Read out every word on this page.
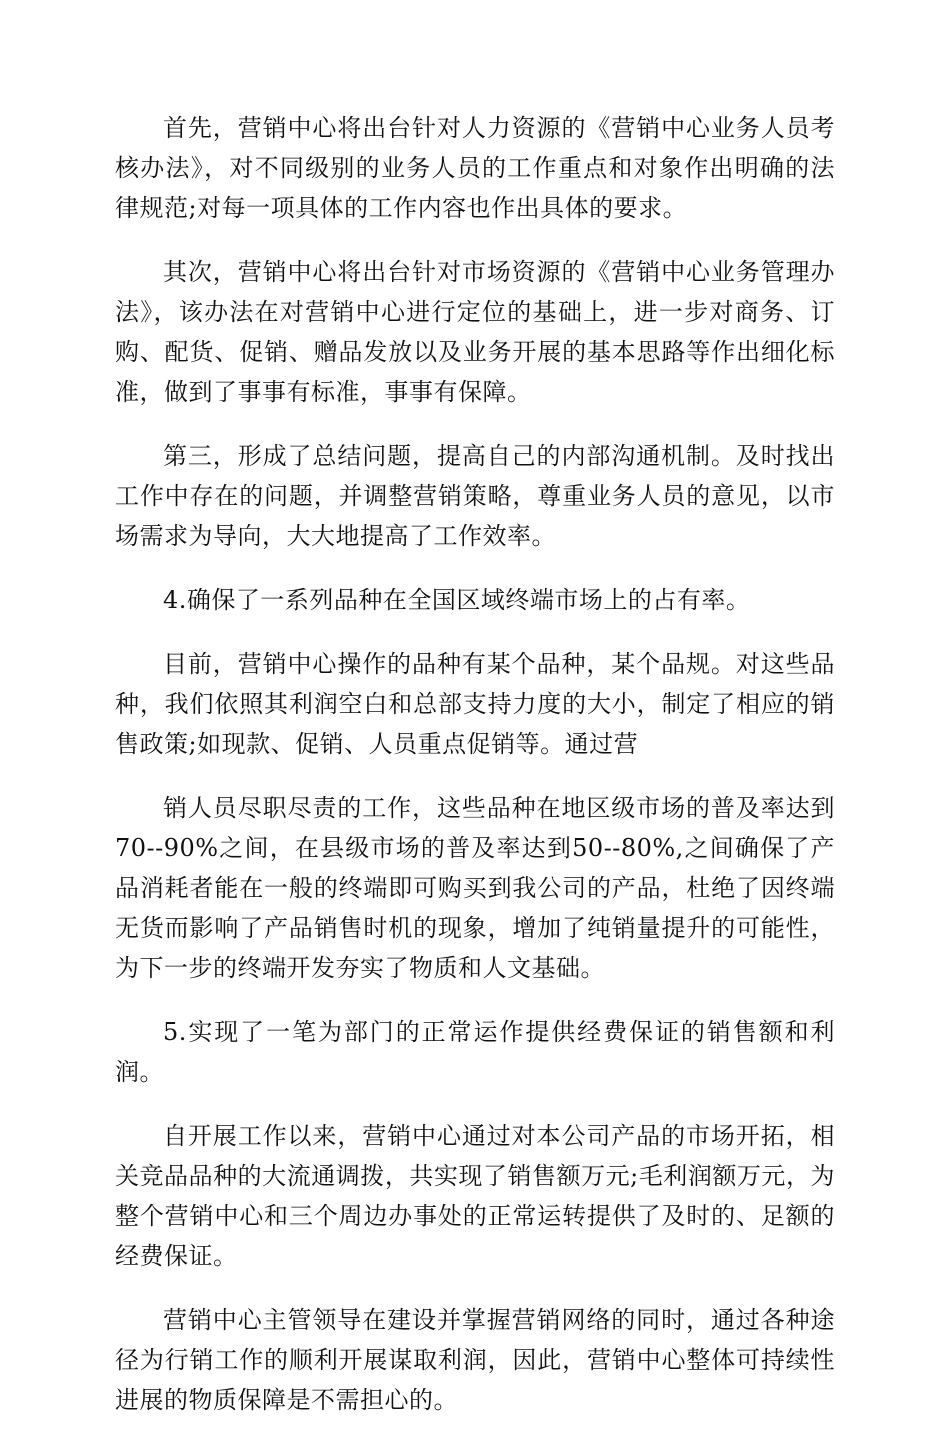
首先，营销中心将出台针对人力资源的《营销中心业务人员考核办法》，对不同级别的业务人员的工作重点和对象作出明确的法律规范;对每一项具体的工作内容也作出具体的要求。

其次，营销中心将出台针对市场资源的《营销中心业务管理办法》，该办法在对营销中心进行定位的基础上，进一步对商务、订购、配货、促销、赠品发放以及业务开展的基本思路等作出细化标准，做到了事事有标准，事事有保障。

第三，形成了总结问题，提高自己的内部沟通机制。及时找出工作中存在的问题，并调整营销策略，尊重业务人员的意见，以市场需求为导向，大大地提高了工作效率。

4.确保了一系列品种在全国区域终端市场上的占有率。

目前，营销中心操作的品种有某个品种，某个品规。对这些品种，我们依照其利润空白和总部支持力度的大小，制定了相应的销售政策;如现款、促销、人员重点促销等。通过营

销人员尽职尽责的工作，这些品种在地区级市场的普及率达到70--90%之间，在县级市场的普及率达到50--80%,之间确保了产品消耗者能在一般的终端即可购买到我公司的产品，杜绝了因终端无货而影响了产品销售时机的现象，增加了纯销量提升的可能性，为下一步的终端开发夯实了物质和人文基础。

5.实现了一笔为部门的正常运作提供经费保证的销售额和利润。

自开展工作以来，营销中心通过对本公司产品的市场开拓，相关竞品品种的大流通调拨，共实现了销售额万元;毛利润额万元，为整个营销中心和三个周边办事处的正常运转提供了及时的、足额的经费保证。

营销中心主管领导在建设并掌握营销网络的同时，通过各种途径为行销工作的顺利开展谋取利润，因此，营销中心整体可持续性进展的物质保障是不需担心的。
